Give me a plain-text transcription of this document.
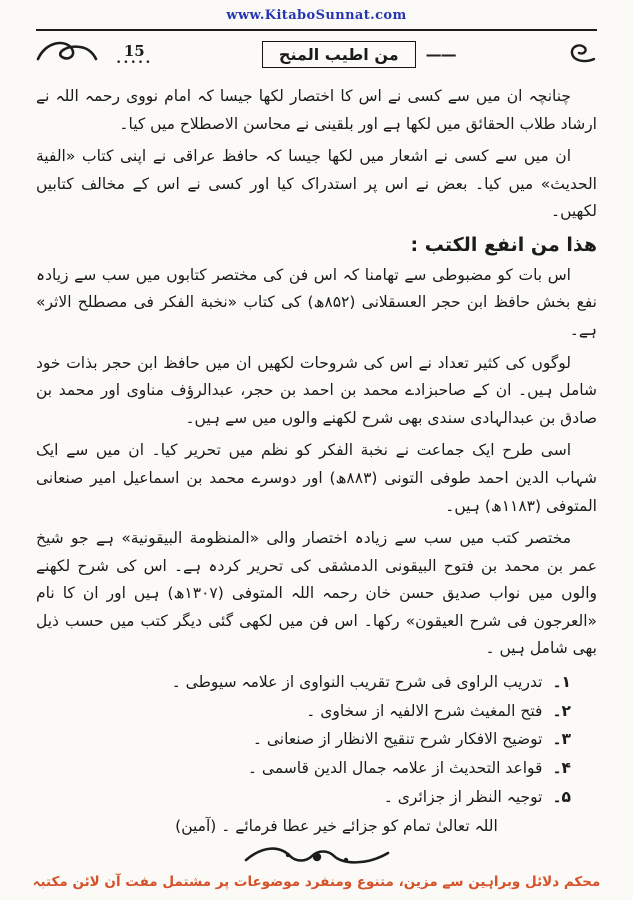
www.KitaboSunnat.com
15
•••••	من اطيب المنح	——

چنانچہ ان میں سے کسی نے اس کا اختصار لکھا جیسا کہ امام نووی رحمہ اللہ نے ارشاد طلاب الحقائق میں لکھا ہے اور بلقینی نے محاسن الاصطلاح میں کیا۔

ان میں سے کسی نے اشعار میں لکھا جیسا کہ حافظ عراقی نے اپنی کتاب «الفیة الحدیث» میں کیا۔ بعض نے اس پر استدراک کیا اور کسی نے اس کے مخالف کتابیں لکھیں۔

هذا من انفع الكتب :

اس بات کو مضبوطی سے تھامنا کہ اس فن کی مختصر کتابوں میں سب سے زیادہ نفع بخش حافظ ابن حجر العسقلانی (۸۵۲ھ) کی کتاب «نخبة الفکر فی مصطلح الاثر» ہے۔

لوگوں کی کثیر تعداد نے اس کی شروحات لکھیں ان میں حافظ ابن حجر بذات خود شامل ہیں۔ ان کے صاحبزادے محمد بن احمد بن حجر، عبدالرؤف مناوی اور محمد بن صادق بن عبدالہادی سندی بھی شرح لکھنے والوں میں سے ہیں۔

اسی طرح ایک جماعت نے نخبة الفکر کو نظم میں تحریر کیا۔ ان میں سے ایک شہاب الدین احمد طوفی التونی (۸۸۳ھ) اور دوسرے محمد بن اسماعیل امیر صنعانی المتوفی (۱۱۸۳ھ) ہیں۔

مختصر کتب میں سب سے زیادہ اختصار والی «المنظومة البیقونیة» ہے جو شیخ عمر بن محمد بن فتوح البیقونی الدمشقی کی تحریر کردہ ہے۔ اس کی شرح لکھنے والوں میں نواب صدیق حسن خان رحمہ اللہ المتوفی (۱۳۰۷ھ) ہیں اور ان کا نام «العرجون فی شرح العیقون» رکھا۔ اس فن میں لکھی گئی دیگر کتب میں حسب ذیل بھی شامل ہیں ۔

۱۔
تدریب الراوی فی شرح تقریب النواوی از علامہ سیوطی ۔
۲۔
فتح المغیث شرح الالفیہ از سخاوی ۔
۳۔
توضیح الافکار شرح تنقیح الانظار از صنعانی ۔
۴۔
قواعد التحدیث از علامہ جمال الدین قاسمی ۔
۵۔
توجیہ النظر از جزائری ۔
اللہ تعالیٰ تمام کو جزائے خیر عطا فرمائے ۔ (آمین)
محکم دلائل وبراہین سے مزین، متنوع ومنفرد موضوعات پر مشتمل مفت آن لائن مکتبہ
